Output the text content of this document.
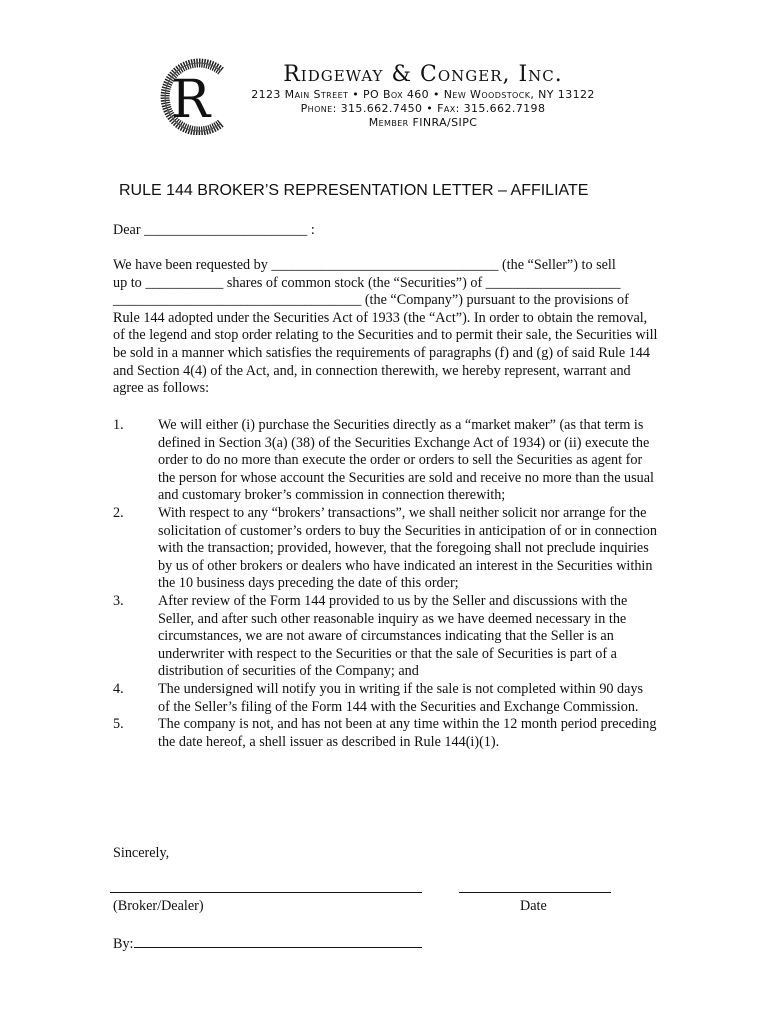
R	Ridgeway & Conger, Inc.
2123 Main Street • PO Box 460 • New Woodstock, NY 13122
Phone: 315.662.7450 • Fax: 315.662.7198
Member FINRA/SIPC
RULE 144 BROKER’S REPRESENTATION LETTER – AFFILIATE
Dear _______________________ :
We have been requested by ________________________________ (the “Seller”) to sell
up to ___________ shares of common stock (the “Securities”) of ___________________
___________________________________ (the “Company”) pursuant to the provisions of
Rule 144 adopted under the Securities Act of 1933 (the “Act”). In order to obtain the removal, of the legend and stop order relating to the Securities and to permit their sale, the Securities will be sold in a manner which satisfies the requirements of paragraphs (f) and (g) of said Rule 144 and Section 4(4) of the Act, and, in connection therewith, we hereby represent, warrant and agree as follows:
1. We will either (i) purchase the Securities directly as a “market maker” (as that term is defined in Section 3(a) (38) of the Securities Exchange Act of 1934) or (ii) execute the order to do no more than execute the order or orders to sell the Securities as agent for the person for whose account the Securities are sold and receive no more than the usual and customary broker’s commission in connection therewith;
2. With respect to any “brokers’ transactions”, we shall neither solicit nor arrange for the solicitation of customer’s orders to buy the Securities in anticipation of or in connection with the transaction; provided, however, that the foregoing shall not preclude inquiries by us of other brokers or dealers who have indicated an interest in the Securities within the 10 business days preceding the date of this order;
3. After review of the Form 144 provided to us by the Seller and discussions with the Seller, and after such other reasonable inquiry as we have deemed necessary in the circumstances, we are not aware of circumstances indicating that the Seller is an underwriter with respect to the Securities or that the sale of Securities is part of a distribution of securities of the Company; and
4. The undersigned will notify you in writing if the sale is not completed within 90 days of the Seller’s filing of the Form 144 with the Securities and Exchange Commission.
5. The company is not, and has not been at any time within the 12 month period preceding the date hereof, a shell issuer as described in Rule 144(i)(1).
Sincerely,
(Broker/Dealer)	Date
By:
